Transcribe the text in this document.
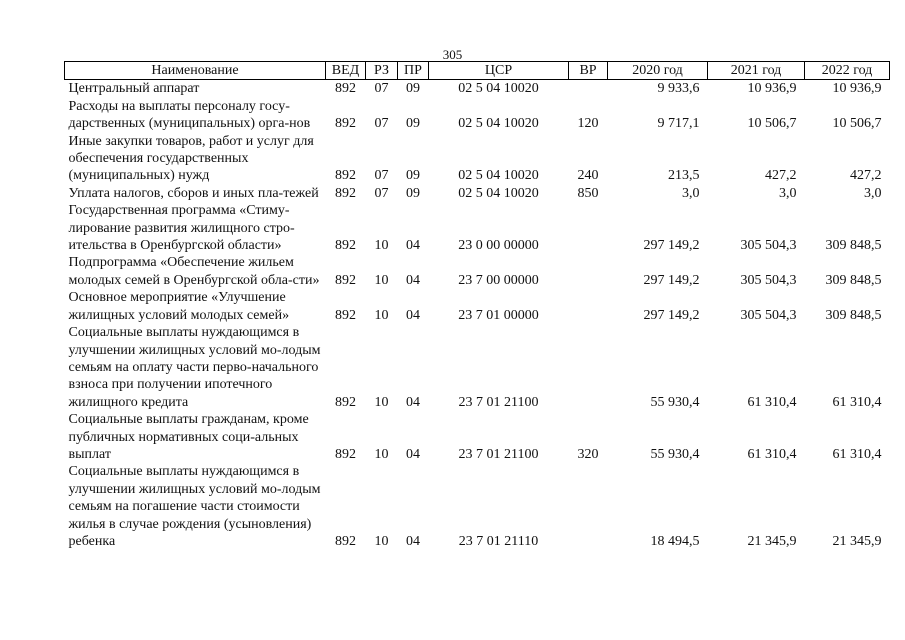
305
Наименование	ВЕД	РЗ	ПР	ЦСР	ВР	2020 год	2021 год	2022 год
Центральный аппарат	892	07	09	02 5 04 10020		9 933,6	10 936,9	10 936,9
Расходы на выплаты персоналу госу-дарственных (муниципальных) орга-нов	892	07	09	02 5 04 10020	120	9 717,1	10 506,7	10 506,7
Иные закупки товаров, работ и услуг для обеспечения государственных (муниципальных) нужд	892	07	09	02 5 04 10020	240	213,5	427,2	427,2
Уплата налогов, сборов и иных пла-тежей	892	07	09	02 5 04 10020	850	3,0	3,0	3,0
Государственная программа «Стиму-лирование развития жилищного стро-ительства в Оренбургской области»	892	10	04	23 0 00 00000		297 149,2	305 504,3	309 848,5
Подпрограмма «Обеспечение жильем молодых семей в Оренбургской обла-сти»	892	10	04	23 7 00 00000		297 149,2	305 504,3	309 848,5
Основное мероприятие «Улучшение жилищных условий молодых семей»	892	10	04	23 7 01 00000		297 149,2	305 504,3	309 848,5
Социальные выплаты нуждающимся в улучшении жилищных условий мо-лодым семьям на оплату части перво-начального взноса при получении ипотечного жилищного кредита	892	10	04	23 7 01 21100		55 930,4	61 310,4	61 310,4
Социальные выплаты гражданам, кроме публичных нормативных соци-альных выплат	892	10	04	23 7 01 21100	320	55 930,4	61 310,4	61 310,4
Социальные выплаты нуждающимся в улучшении жилищных условий мо-лодым семьям на погашение части стоимости жилья в случае рождения (усыновления) ребенка	892	10	04	23 7 01 21110		18 494,5	21 345,9	21 345,9
